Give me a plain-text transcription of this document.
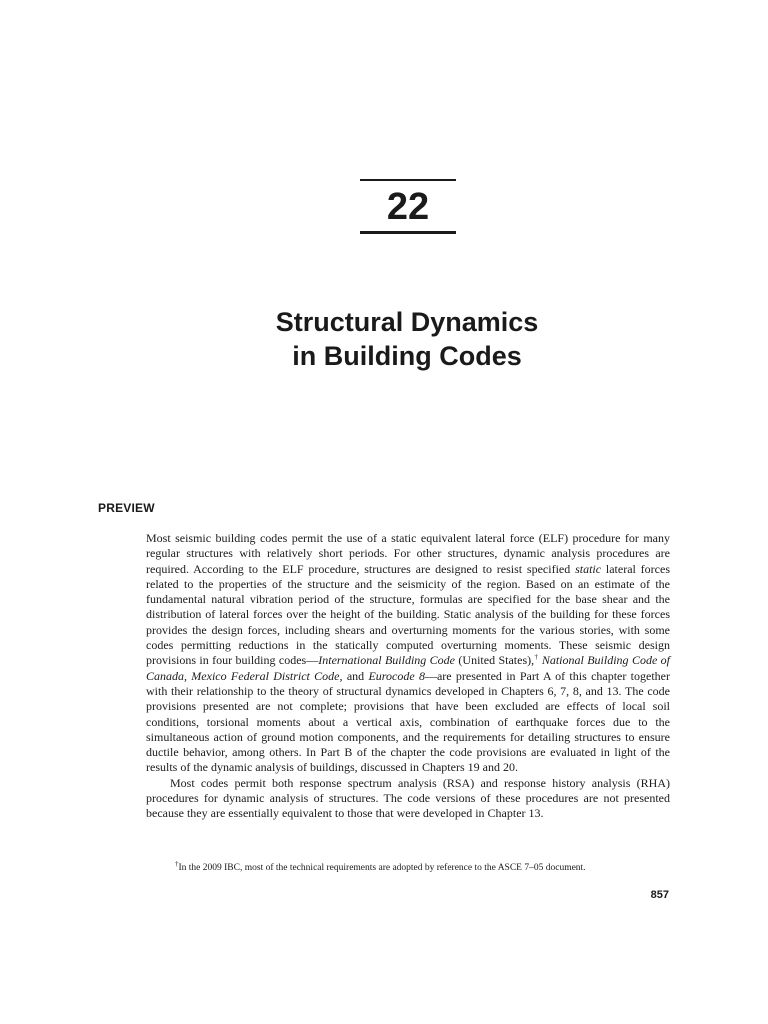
22
Structural Dynamics
in Building Codes
PREVIEW

Most seismic building codes permit the use of a static equivalent lateral force (ELF) procedure for many regular structures with relatively short periods. For other structures, dynamic analysis procedures are required. According to the ELF procedure, structures are designed to resist specified static lateral forces related to the properties of the structure and the seismicity of the region. Based on an estimate of the fundamental natural vibration period of the structure, formulas are specified for the base shear and the distribution of lateral forces over the height of the building. Static analysis of the building for these forces provides the design forces, including shears and overturning moments for the various stories, with some codes permitting reductions in the statically computed overturning moments. These seismic design provisions in four building codes—International Building Code (United States),† National Building Code of Canada, Mexico Federal District Code, and Eurocode 8—are presented in Part A of this chapter together with their relationship to the theory of structural dynamics developed in Chapters 6, 7, 8, and 13. The code provisions presented are not complete; provisions that have been excluded are effects of local soil conditions, torsional moments about a vertical axis, combination of earthquake forces due to the simultaneous action of ground motion components, and the requirements for detailing structures to ensure ductile behavior, among others. In Part B of the chapter the code provisions are evaluated in light of the results of the dynamic analysis of buildings, discussed in Chapters 19 and 20.

Most codes permit both response spectrum analysis (RSA) and response history analysis (RHA) procedures for dynamic analysis of structures. The code versions of these procedures are not presented because they are essentially equivalent to those that were developed in Chapter 13.

†In the 2009 IBC, most of the technical requirements are adopted by reference to the ASCE 7–05 document.
857
